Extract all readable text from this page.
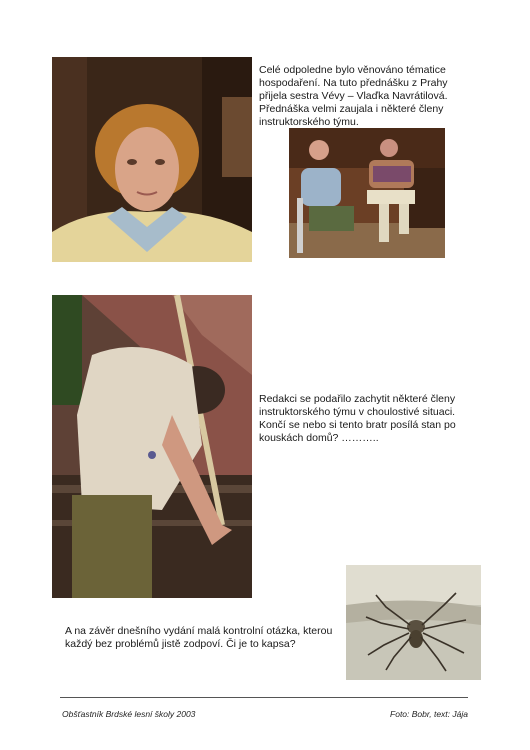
Celé odpoledne bylo věnováno tématice hospodaření. Na tuto přednášku z Prahy přijela sestra Vévy – Vlaďka Navrátilová. Přednáška velmi zaujala i některé členy instruktorského týmu.
Redakci se podařilo zachytit některé členy instruktorského týmu v choulostivé situaci. Končí se nebo si tento bratr posílá stan po kouskách domů? ………..
A na závěr dnešního vydání malá kontrolní otázka, kterou každý bez problémů jistě zodpoví. Či je to kapsa?
Obšťastník Brdské lesní školy 2003	Foto: Bobr, text: Jája
